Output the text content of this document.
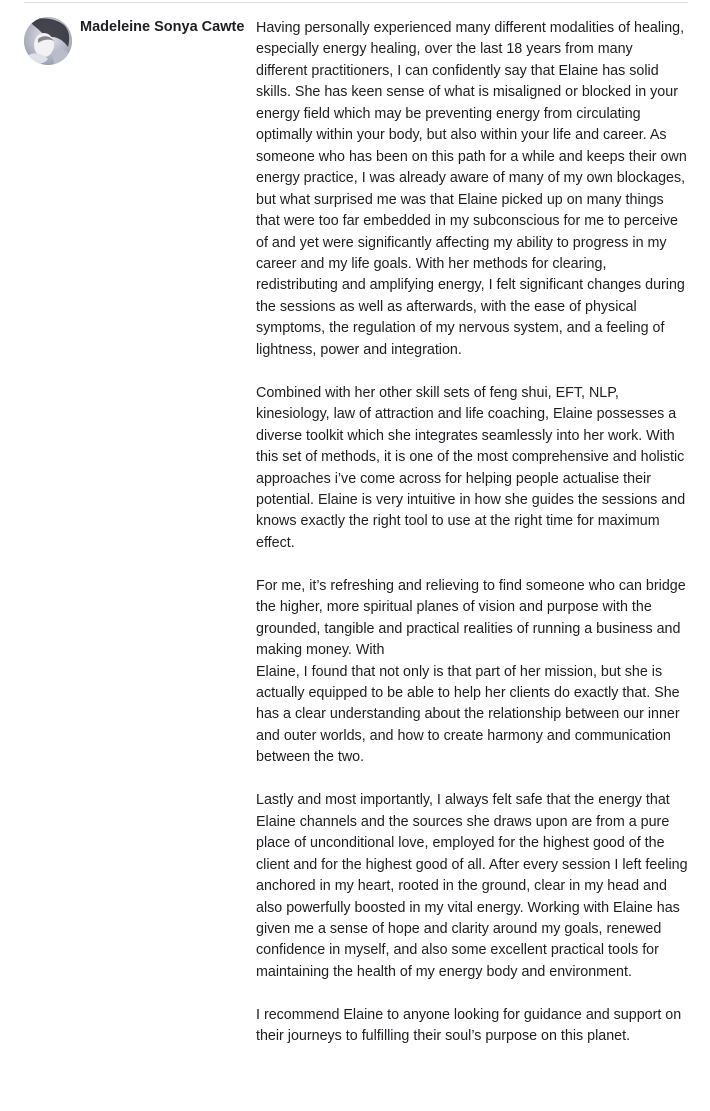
Madeleine Sonya Cawte Having personally experienced many different modalities of healing, especially energy healing, over the last 18 years from many different practitioners, I can confidently say that Elaine has solid skills. She has keen sense of what is misaligned or blocked in your energy field which may be preventing energy from circulating optimally within your body, but also within your life and career. As someone who has been on this path for a while and keeps their own energy practice, I was already aware of many of my own blockages, but what surprised me was that Elaine picked up on many things that were too far embedded in my subconscious for me to perceive of and yet were significantly affecting my ability to progress in my career and my life goals. With her methods for clearing, redistributing and amplifying energy, I felt significant changes during the sessions as well as afterwards, with the ease of physical symptoms, the regulation of my nervous system, and a feeling of lightness, power and integration.

Combined with her other skill sets of feng shui, EFT, NLP, kinesiology, law of attraction and life coaching, Elaine possesses a diverse toolkit which she integrates seamlessly into her work. With this set of methods, it is one of the most comprehensive and holistic approaches i’ve come across for helping people actualise their potential. Elaine is very intuitive in how she guides the sessions and knows exactly the right tool to use at the right time for maximum effect.

For me, it’s refreshing and relieving to find someone who can bridge the higher, more spiritual planes of vision and purpose with the grounded, tangible and practical realities of running a business and making money. With
Elaine, I found that not only is that part of her mission, but she is actually equipped to be able to help her clients do exactly that. She has a clear understanding about the relationship between our inner and outer worlds, and how to create harmony and communication between the two.

Lastly and most importantly, I always felt safe that the energy that Elaine channels and the sources she draws upon are from a pure place of unconditional love, employed for the highest good of the client and for the highest good of all. After every session I left feeling anchored in my heart, rooted in the ground, clear in my head and also powerfully boosted in my vital energy. Working with Elaine has given me a sense of hope and clarity around my goals, renewed confidence in myself, and also some excellent practical tools for maintaining the health of my energy body and environment.

I recommend Elaine to anyone looking for guidance and support on their journeys to fulfilling their soul’s purpose on this planet.
